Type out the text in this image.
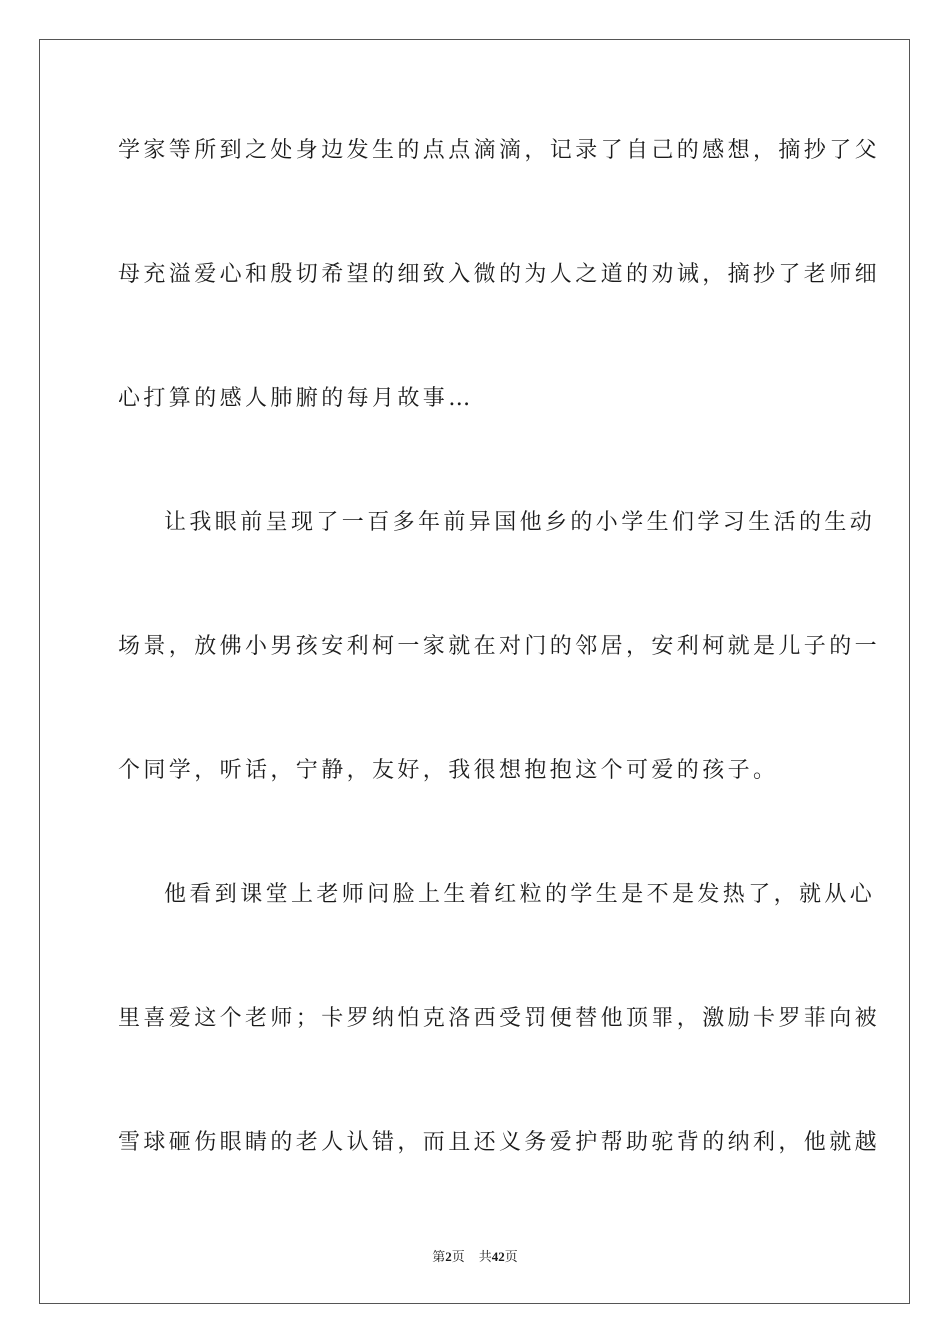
学家等所到之处身边发生的点点滴滴，记录了自己的感想，摘抄了父
母充溢爱心和殷切希望的细致入微的为人之道的劝诫，摘抄了老师细
心打算的感人肺腑的每月故事…
让我眼前呈现了一百多年前异国他乡的小学生们学习生活的生动
场景，放佛小男孩安利柯一家就在对门的邻居，安利柯就是儿子的一
个同学，听话，宁静，友好，我很想抱抱这个可爱的孩子。
他看到课堂上老师问脸上生着红粒的学生是不是发热了，就从心
里喜爱这个老师；卡罗纳怕克洛西受罚便替他顶罪，激励卡罗菲向被
雪球砸伤眼睛的老人认错，而且还义务爱护帮助驼背的纳利，他就越
第2页 共42页
